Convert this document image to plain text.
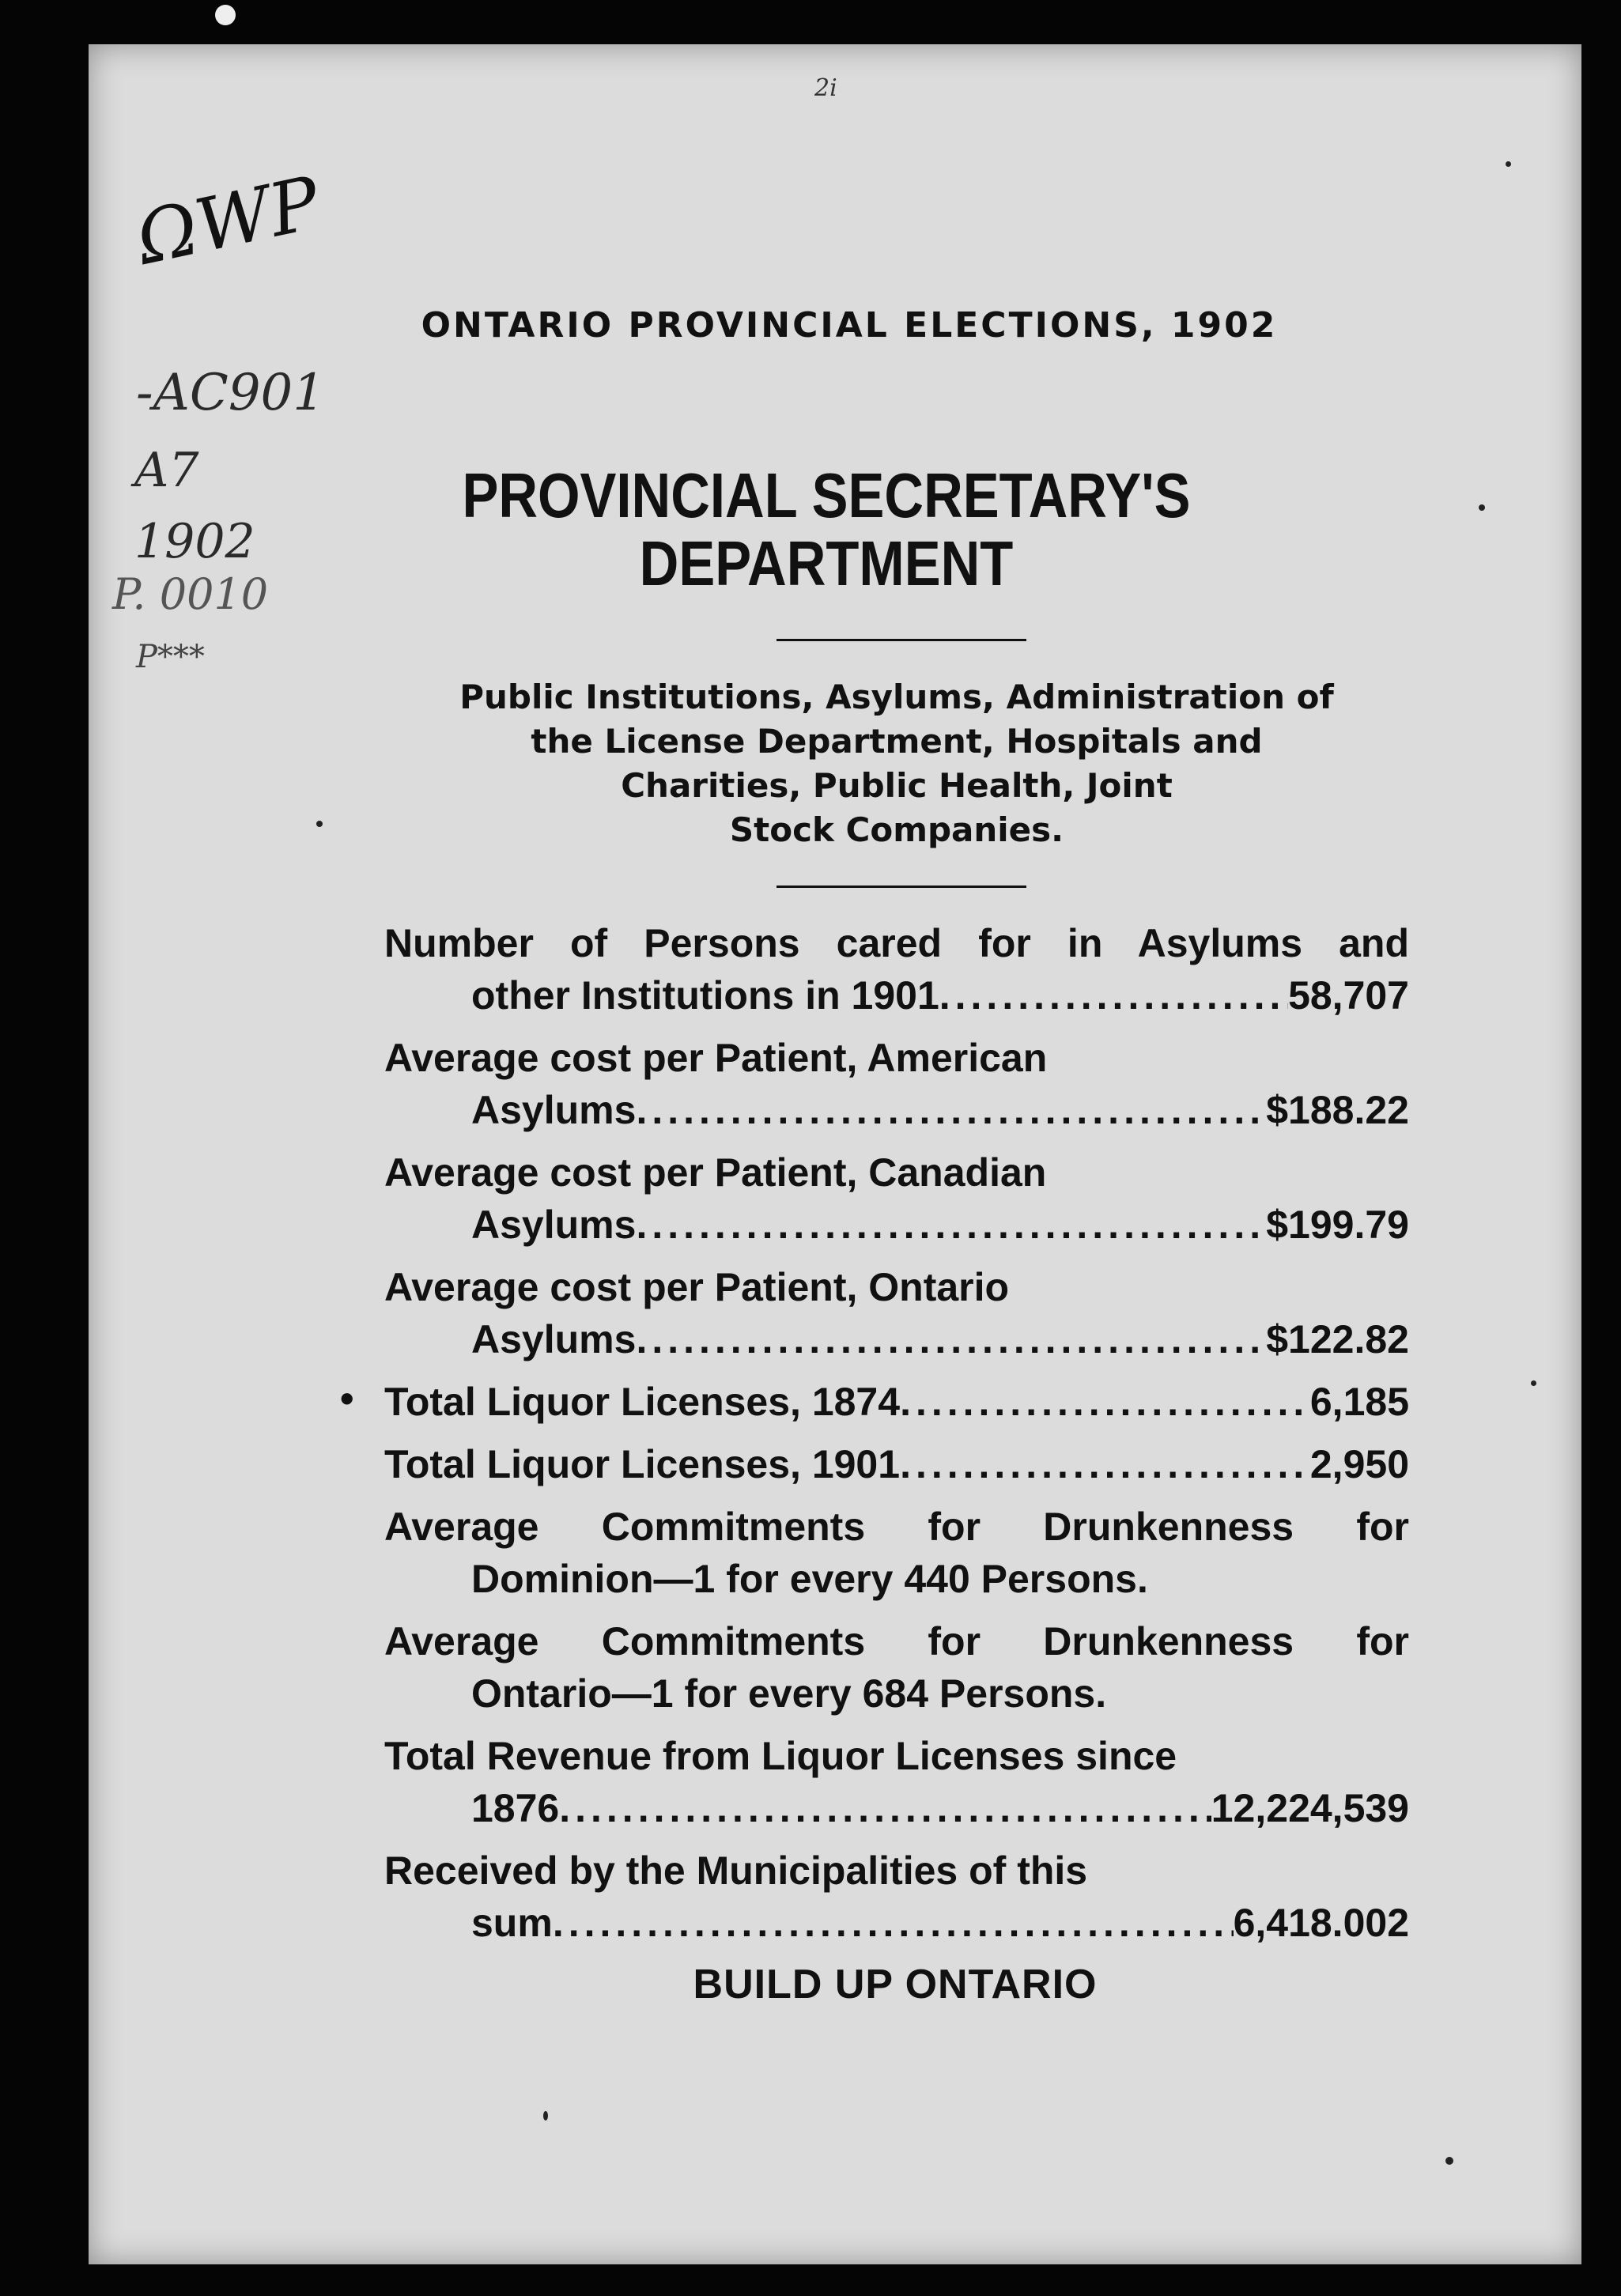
2i
ΩWP
-AC901
A7
1902
P. 0010
P***
ONTARIO PROVINCIAL ELECTIONS, 1902
PROVINCIAL SECRETARY'S
DEPARTMENT
Public Institutions, Asylums, Administration of
the License Department, Hospitals and
Charities, Public Health, Joint
Stock Companies.
Number of Persons cared for in Asylums and
other Institutions in 1901 .....	58,707
Average cost per Patient, American
Asylums .....	$188.22
Average cost per Patient, Canadian
Asylums .....	$199.79
Average cost per Patient, Ontario
Asylums .....	$122.82
• Total Liquor Licenses, 1874 .....	6,185
Total Liquor Licenses, 1901 .....	2,950
Average Commitments for Drunkenness for
Dominion—1 for every 440 Persons.
Average Commitments for Drunkenness for
Ontario—1 for every 684 Persons.
Total Revenue from Liquor Licenses since
1876 .....	12,224,539
Received by the Municipalities of this
sum .....	6,418.002
BUILD UP ONTARIO
